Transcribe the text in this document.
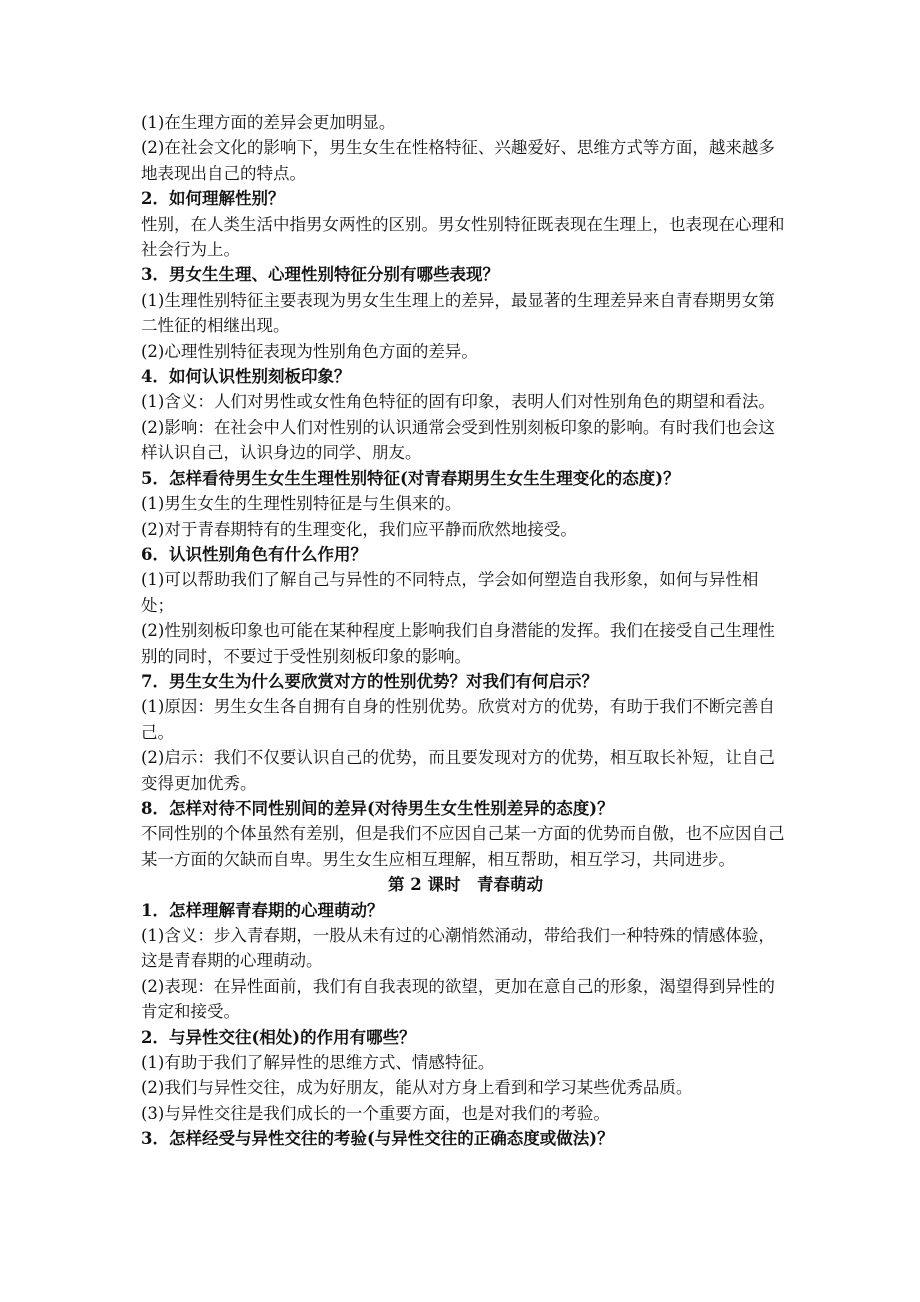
(1)在生理方面的差异会更加明显。

(2)在社会文化的影响下，男生女生在性格特征、兴趣爱好、思维方式等方面，越来越多地表现出自己的特点。

2．如何理解性别？

性别，在人类生活中指男女两性的区别。男女性别特征既表现在生理上，也表现在心理和社会行为上。

3．男女生生理、心理性别特征分别有哪些表现？

(1)生理性别特征主要表现为男女生生理上的差异，最显著的生理差异来自青春期男女第二性征的相继出现。

(2)心理性别特征表现为性别角色方面的差异。

4．如何认识性别刻板印象？

(1)含义：人们对男性或女性角色特征的固有印象，表明人们对性别角色的期望和看法。

(2)影响：在社会中人们对性别的认识通常会受到性别刻板印象的影响。有时我们也会这样认识自己，认识身边的同学、朋友。

5．怎样看待男生女生生理性别特征(对青春期男生女生生理变化的态度)？

(1)男生女生的生理性别特征是与生俱来的。

(2)对于青春期特有的生理变化，我们应平静而欣然地接受。

6．认识性别角色有什么作用？

(1)可以帮助我们了解自己与异性的不同特点，学会如何塑造自我形象，如何与异性相处；

(2)性别刻板印象也可能在某种程度上影响我们自身潜能的发挥。我们在接受自己生理性别的同时，不要过于受性别刻板印象的影响。

7．男生女生为什么要欣赏对方的性别优势？对我们有何启示？

(1)原因：男生女生各自拥有自身的性别优势。欣赏对方的优势，有助于我们不断完善自己。

(2)启示：我们不仅要认识自己的优势，而且要发现对方的优势，相互取长补短，让自己变得更加优秀。

8．怎样对待不同性别间的差异(对待男生女生性别差异的态度)？

不同性别的个体虽然有差别，但是我们不应因自己某一方面的优势而自傲，也不应因自己某一方面的欠缺而自卑。男生女生应相互理解，相互帮助，相互学习，共同进步。

第 2 课时　青春萌动

1．怎样理解青春期的心理萌动？

(1)含义：步入青春期，一股从未有过的心潮悄然涌动，带给我们一种特殊的情感体验，这是青春期的心理萌动。

(2)表现：在异性面前，我们有自我表现的欲望，更加在意自己的形象，渴望得到异性的肯定和接受。

2．与异性交往(相处)的作用有哪些？

(1)有助于我们了解异性的思维方式、情感特征。

(2)我们与异性交往，成为好朋友，能从对方身上看到和学习某些优秀品质。

(3)与异性交往是我们成长的一个重要方面，也是对我们的考验。

3．怎样经受与异性交往的考验(与异性交往的正确态度或做法)？
